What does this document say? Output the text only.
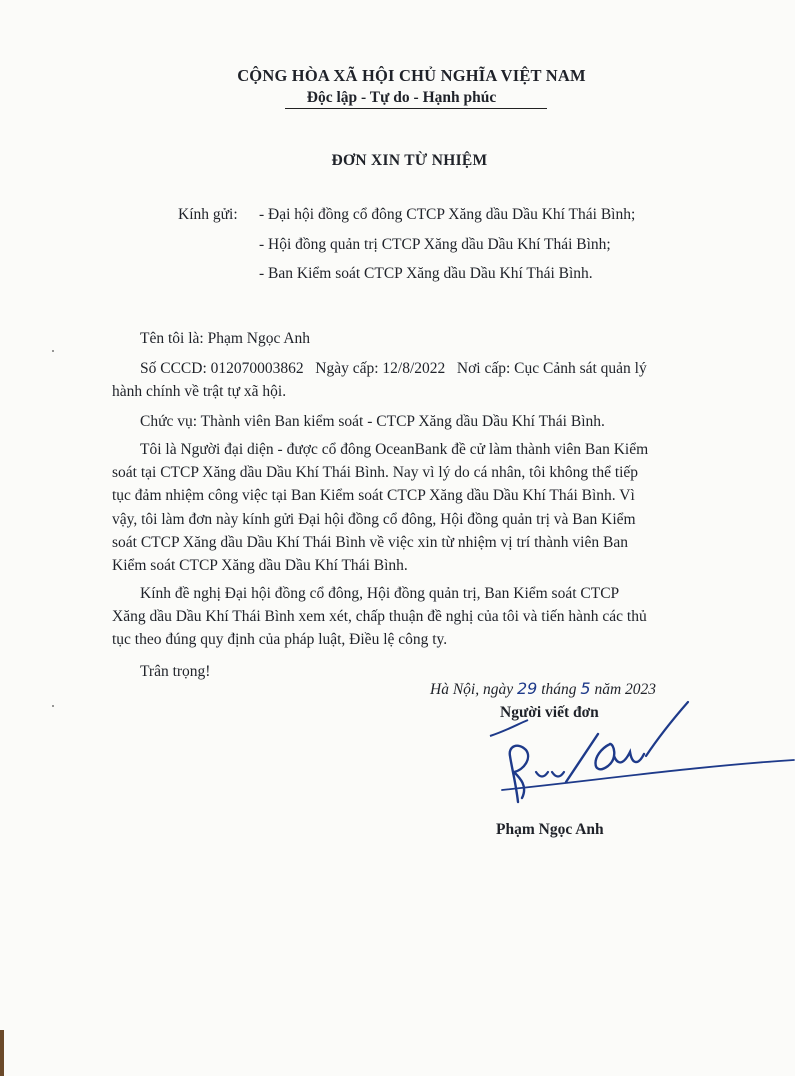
CỘNG HÒA XÃ HỘI CHỦ NGHĨA VIỆT NAM
Độc lập - Tự do - Hạnh phúc
ĐƠN XIN TỪ NHIỆM
Kính gửi: - Đại hội đồng cổ đông CTCP Xăng dầu Dầu Khí Thái Bình;
- Hội đồng quản trị CTCP Xăng dầu Dầu Khí Thái Bình;
- Ban Kiểm soát CTCP Xăng dầu Dầu Khí Thái Bình.
Tên tôi là: Phạm Ngọc Anh
Số CCCD: 012070003862   Ngày cấp: 12/8/2022   Nơi cấp: Cục Cảnh sát quản lý
hành chính về trật tự xã hội.
Chức vụ: Thành viên Ban kiểm soát - CTCP Xăng dầu Dầu Khí Thái Bình.
Tôi là Người đại diện - được cổ đông OceanBank đề cử làm thành viên Ban Kiểm
soát tại CTCP Xăng dầu Dầu Khí Thái Bình. Nay vì lý do cá nhân, tôi không thể tiếp
tục đảm nhiệm công việc tại Ban Kiểm soát CTCP Xăng dầu Dầu Khí Thái Bình. Vì
vậy, tôi làm đơn này kính gửi Đại hội đồng cổ đông, Hội đồng quản trị và Ban Kiểm
soát CTCP Xăng dầu Dầu Khí Thái Bình về việc xin từ nhiệm vị trí thành viên Ban
Kiểm soát CTCP Xăng dầu Dầu Khí Thái Bình.
Kính đề nghị Đại hội đồng cổ đông, Hội đồng quản trị, Ban Kiểm soát CTCP
Xăng dầu Dầu Khí Thái Bình xem xét, chấp thuận đề nghị của tôi và tiến hành các thủ
tục theo đúng quy định của pháp luật, Điều lệ công ty.
Trân trọng!
Hà Nội, ngày 29 tháng 5 năm 2023
Người viết đơn
Phạm Ngọc Anh
